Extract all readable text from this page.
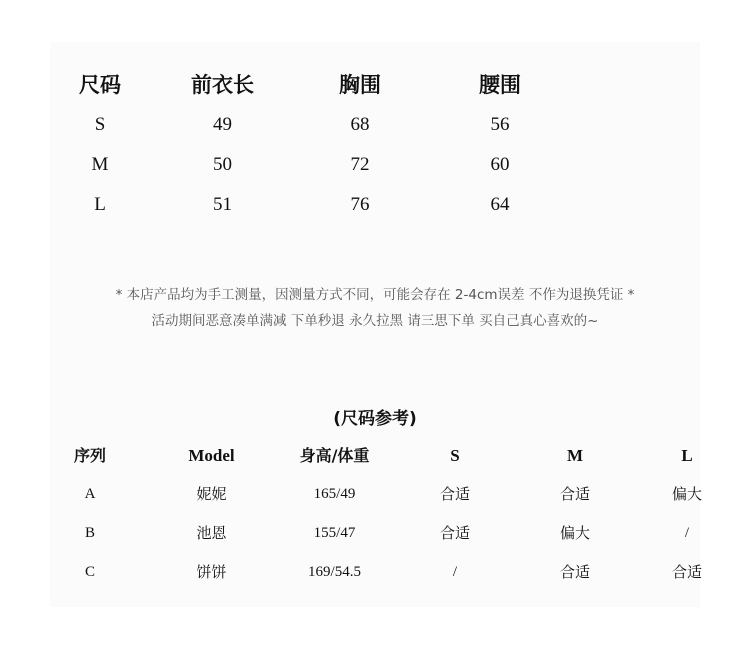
尺码	前衣长	胸围	腰围
S	49	68	56
M	50	72	60
L	51	76	64
* 本店产品均为手工测量，因测量方式不同，可能会存在 2-4cm误差 不作为退换凭证 *
活动期间恶意凑单满减 下单秒退 永久拉黑 请三思下单 买自己真心喜欢的~
(尺码参考)
序列	Model	身高/体重	S	M	L
A	妮妮	165/49	合适	合适	偏大
B	池恩	155/47	合适	偏大	/
C	饼饼	169/54.5	/	合适	合适
